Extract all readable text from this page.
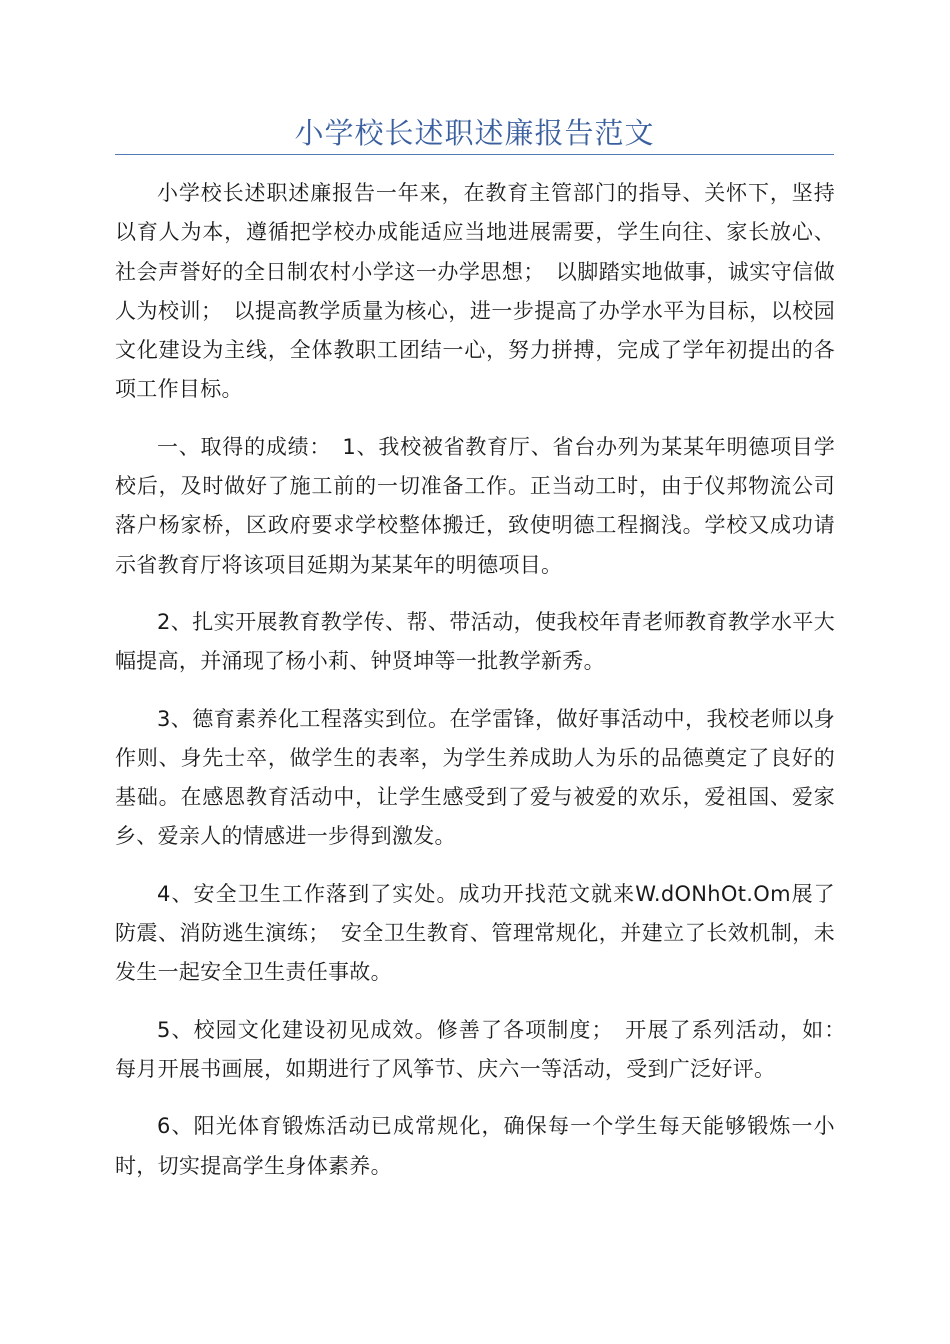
小学校长述职述廉报告范文

小学校长述职述廉报告一年来，在教育主管部门的指导、关怀下，坚持以育人为本，遵循把学校办成能适应当地进展需要，学生向往、家长放心、社会声誉好的全日制农村小学这一办学思想；　以脚踏实地做事，诚实守信做人为校训；　以提高教学质量为核心，进一步提高了办学水平为目标，以校园文化建设为主线，全体教职工团结一心，努力拼搏，完成了学年初提出的各项工作目标。

一、取得的成绩：　1、我校被省教育厅、省台办列为某某年明德项目学校后，及时做好了施工前的一切准备工作。正当动工时，由于仪邦物流公司落户杨家桥，区政府要求学校整体搬迁，致使明德工程搁浅。学校又成功请示省教育厅将该项目延期为某某年的明德项目。

2、扎实开展教育教学传、帮、带活动，使我校年青老师教育教学水平大幅提高，并涌现了杨小莉、钟贤坤等一批教学新秀。

3、德育素养化工程落实到位。在学雷锋，做好事活动中，我校老师以身作则、身先士卒，做学生的表率，为学生养成助人为乐的品德奠定了良好的基础。在感恩教育活动中，让学生感受到了爱与被爱的欢乐，爱祖国、爱家乡、爱亲人的情感进一步得到激发。

4、安全卫生工作落到了实处。成功开找范文就来W.dONhOt.Om展了防震、消防逃生演练；　安全卫生教育、管理常规化，并建立了长效机制，未发生一起安全卫生责任事故。

5、校园文化建设初见成效。修善了各项制度；　开展了系列活动，如：　每月开展书画展，如期进行了风筝节、庆六一等活动，受到广泛好评。

6、阳光体育锻炼活动已成常规化，确保每一个学生每天能够锻炼一小时，切实提高学生身体素养。
